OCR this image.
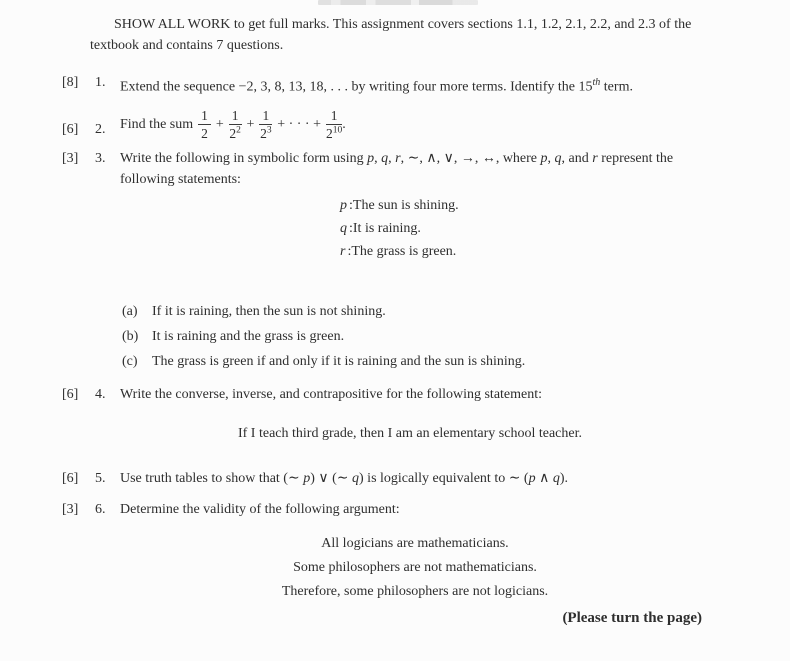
SHOW ALL WORK to get full marks. This assignment covers sections 1.1, 1.2, 2.1, 2.2, and 2.3 of the textbook and contains 7 questions.

[8]	1.	Extend the sequence −2, 3, 8, 13, 18, . . . by writing four more terms. Identify the 15th term.
[6]	2.	Find the sum $\frac{1}{2} + \frac{1}{2^2} + \frac{1}{2^3}$ + · · · + $\frac{1}{2^{10}}$ .
[3]	3.	Write the following in symbolic form using p, q, r, ∼, ∧, ∨, →, ↔, where p, q, and r represent the following statements:
p :The sun is shining.
q :It is raining.
r :The grass is green.
(a) If it is raining, then the sun is not shining.
(b) It is raining and the grass is green.
(c) The grass is green if and only if it is raining and the sun is shining.
[6]	4.	Write the converse, inverse, and contrapositive for the following statement:
If I teach third grade, then I am an elementary school teacher.
[6]	5.	Use truth tables to show that (∼ p) ∨ (∼ q) is logically equivalent to ∼ (p ∧ q).
[3]	6.	Determine the validity of the following argument:
All logicians are mathematicians.
Some philosophers are not mathematicians.
Therefore, some philosophers are not logicians.
(Please turn the page)
